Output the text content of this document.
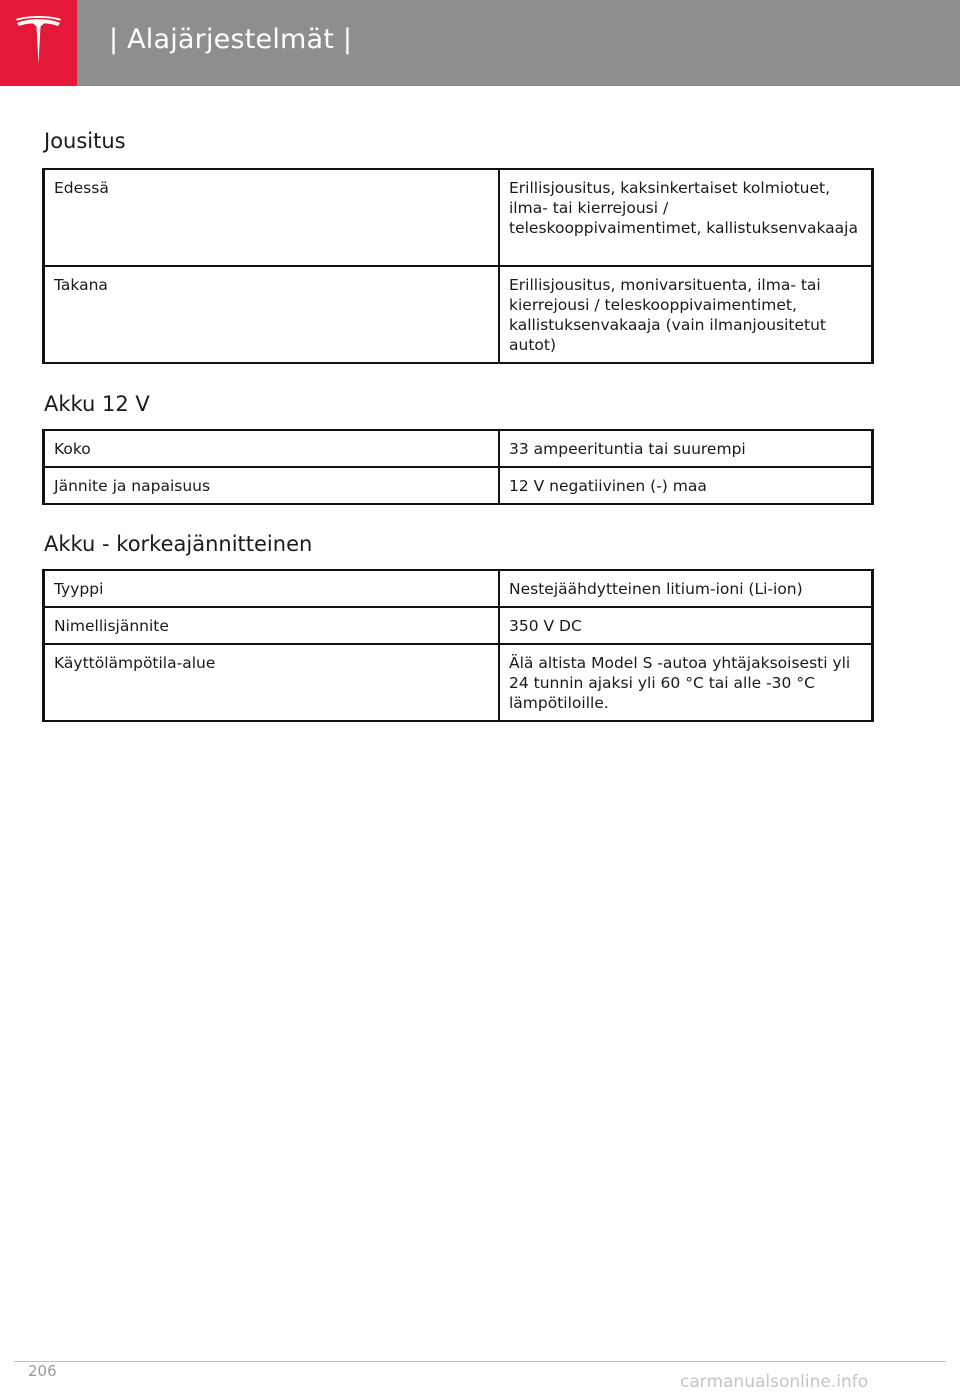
| Alajärjestelmät |
Jousitus
Edessä	Erillisjousitus, kaksinkertaiset kolmiotuet, ilma- tai kierrejousi / teleskooppivaimentimet, kallistuksenvakaaja
Takana	Erillisjousitus, monivarsituenta, ilma- tai kierrejousi / teleskooppivaimentimet, kallistuksenvakaaja (vain ilmanjousitetut autot)
Akku 12 V
Koko	33 ampeerituntia tai suurempi
Jännite ja napaisuus	12 V negatiivinen (-) maa
Akku - korkeajännitteinen
Tyyppi	Nestejäähdytteinen litium-ioni (Li-ion)
Nimellisjännite	350 V DC
Käyttölämpötila-alue	Älä altista Model S -autoa yhtäjaksoisesti yli 24 tunnin ajaksi yli 60 °C tai alle -30 °C lämpötiloille.
206
carmanualsonline.info
